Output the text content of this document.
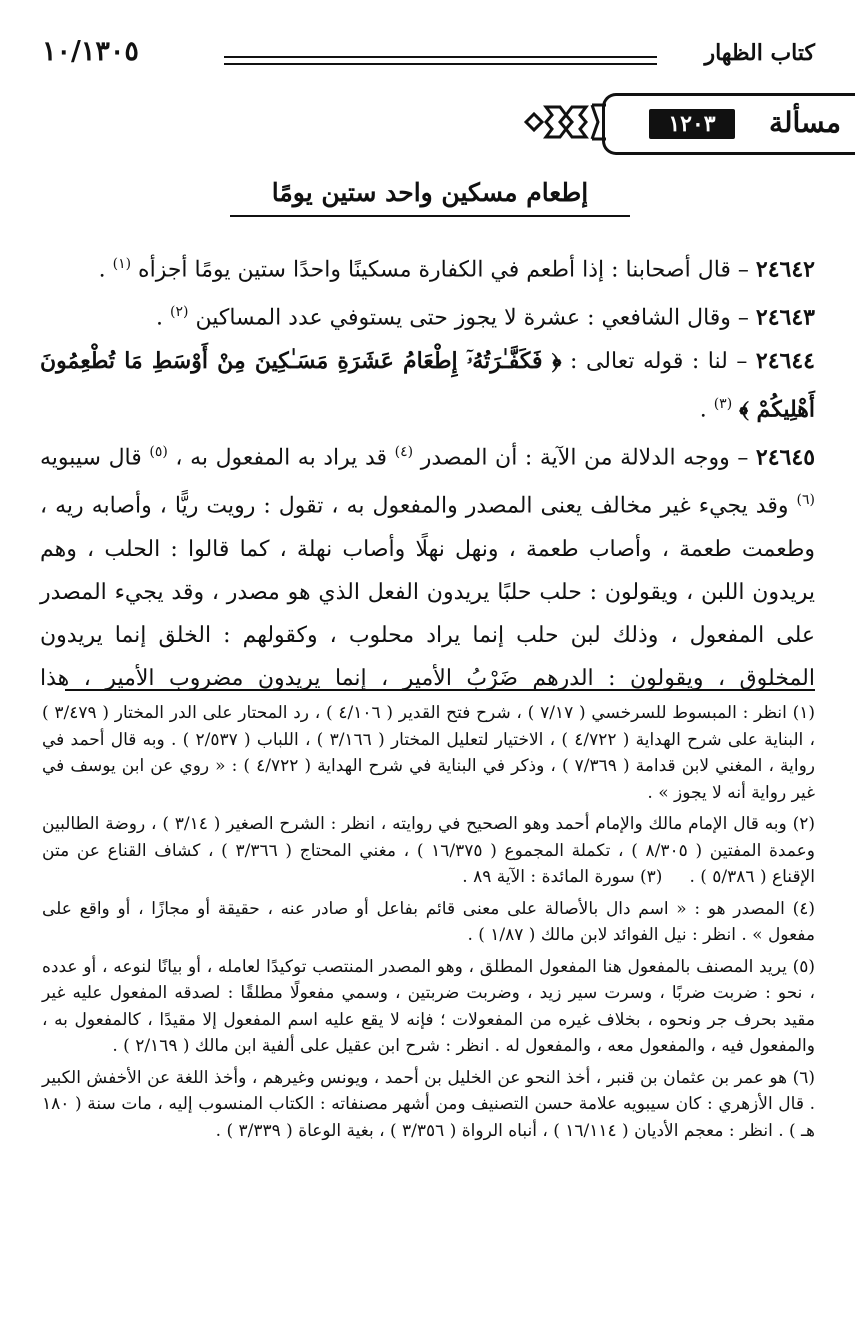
كتاب الظهار
١٠/١٣٠٥
مسألة
١٢٠٣
إطعام مسكين واحد ستين يومًا

٢٤٦٤٢ – قال أصحابنا : إذا أطعم في الكفارة مسكينًا واحدًا ستين يومًا أجزأه $^{(١)}$ .

٢٤٦٤٣ – وقال الشافعي : عشرة لا يجوز حتى يستوفي عدد المساكين $^{(٢)}$ .

٢٤٦٤٤ – لنا : قوله تعالى : ﴿ فَكَفَّـٰرَتُهُۥٓ إِطْعَامُ عَشَرَةِ مَسَـٰكِينَ مِنْ أَوْسَطِ مَا تُطْعِمُونَ أَهْلِيكُمْ ﴾ $^{(٣)}$ .

٢٤٦٤٥ – ووجه الدلالة من الآية : أن المصدر $^{(٤)}$ قد يراد به المفعول به ، $^{(٥)}$ قال سيبويه $^{(٦)}$ وقد يجيء غير مخالف يعنى المصدر والمفعول به ، تقول : رويت ريًّا ، وأصابه ريه ، وطعمت طعمة ، وأصاب طعمة ، ونهل نهلًا وأصاب نهلة ، كما قالوا : الحلب ، وهم يريدون اللبن ، ويقولون : حلب حلبًا يريدون الفعل الذي هو مصدر ، وقد يجيء المصدر على المفعول ، وذلك لبن حلب إنما يراد محلوب ، وكقولهم : الخلق إنما يريدون المخلوق ، ويقولون : الدرهم ضَرْبُ الأمير ، إنما يريدون مضروب الأمير ، هذا

(١) انظر : المبسوط للسرخسي ( ٧/١٧ ) ، شرح فتح القدير ( ٤/١٠٦ ) ، رد المحتار على الدر المختار ( ٣/٤٧٩ ) ، البناية على شرح الهداية ( ٤/٧٢٢ ) ، الاختيار لتعليل المختار ( ٣/١٦٦ ) ، اللباب ( ٢/٥٣٧ ) . وبه قال أحمد في رواية ، المغني لابن قدامة ( ٧/٣٦٩ ) ، وذكر في البناية في شرح الهداية ( ٤/٧٢٢ ) : « روي عن ابن يوسف في غير رواية أنه لا يجوز » .

(٢) وبه قال الإمام مالك والإمام أحمد وهو الصحيح في روايته ، انظر : الشرح الصغير ( ٣/١٤ ) ، روضة الطالبين وعمدة المفتين ( ٨/٣٠٥ ) ، تكملة المجموع ( ١٦/٣٧٥ ) ، مغني المحتاج ( ٣/٣٦٦ ) ، كشاف القناع عن متن الإقناع ( ٥/٣٨٦ ) .     (٣) سورة المائدة : الآية ٨٩ .

(٤) المصدر هو : « اسم دال بالأصالة على معنى قائم بفاعل أو صادر عنه ، حقيقة أو مجازًا ، أو واقع على مفعول » . انظر : نيل الفوائد لابن مالك ( ١/٨٧ ) .

(٥) يريد المصنف بالمفعول هنا المفعول المطلق ، وهو المصدر المنتصب توكيدًا لعامله ، أو بيانًا لنوعه ، أو عدده ، نحو : ضربت ضربًا ، وسرت سير زيد ، وضربت ضربتين ، وسمي مفعولًا مطلقًا : لصدقه المفعول عليه غير مقيد بحرف جر ونحوه ، بخلاف غيره من المفعولات ؛ فإنه لا يقع عليه اسم المفعول إلا مقيدًا ، كالمفعول به ، والمفعول فيه ، والمفعول معه ، والمفعول له . انظر : شرح ابن عقيل على ألفية ابن مالك ( ٢/١٦٩ ) .

(٦) هو عمر بن عثمان بن قنبر ، أخذ النحو عن الخليل بن أحمد ، ويونس وغيرهم ، وأخذ اللغة عن الأخفش الكبير . قال الأزهري : كان سيبويه علامة حسن التصنيف ومن أشهر مصنفاته : الكتاب المنسوب إليه ، مات سنة ( ١٨٠ هـ ) . انظر : معجم الأديان ( ١٦/١١٤ ) ، أنباه الرواة ( ٣/٣٥٦ ) ، بغية الوعاة ( ٣/٣٣٩ ) .
